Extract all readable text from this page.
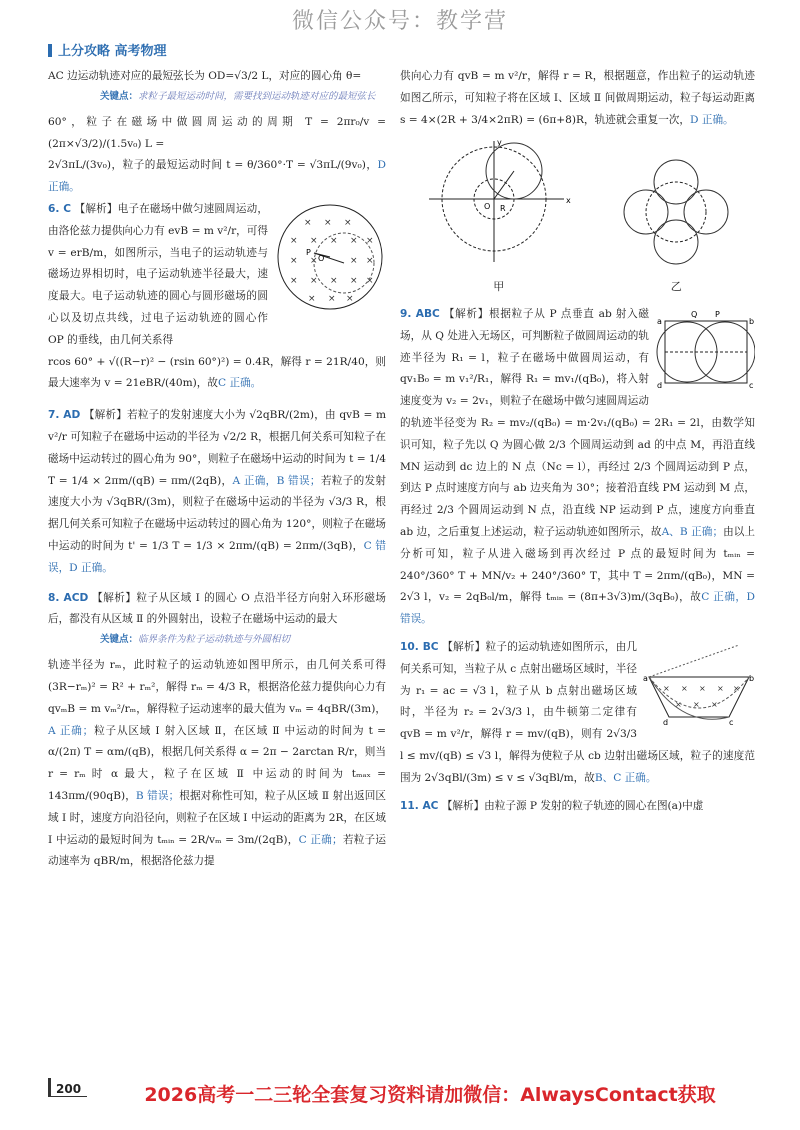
微信公众号：教学营
上分攻略 高考物理

AC 边运动轨迹对应的最短弦长为 OD=√3/2 L，对应的圆心角 θ=

关键点：求粒子最短运动时间，需要找到运动轨迹对应的最短弦长

60°，粒子在磁场中做圆周运动的周期 T = 2πr₀/v = (2π×√3/2)/(1.5v₀) L =

2√3πL/(3v₀)，粒子的最短运动时间 t = θ/360°·T = √3πL/(9v₀)，D 正确。

× × ×
× × × × ×
× ×	× ×
× × × × ×
× × ×
O
P
6. C 【解析】电子在磁场中做匀速圆周运动，由洛伦兹力提供向心力有 evB = m v²/r，可得 v = erB/m，如图所示，当电子的运动轨迹与磁场边界相切时，电子运动轨迹半径最大，速度最大。电子运动轨迹的圆心与圆形磁场的圆心以及切点共线，过电子运动轨迹的圆心作 OP 的垂线，由几何关系得

rcos 60° + √((R−r)² − (rsin 60°)²) = 0.4R，解得 r = 21R/40，则最大速率为 v = 21eBR/(40m)，故C 正确。

7. AD 【解析】若粒子的发射速度大小为 √2qBR/(2m)，由 qvB = m v²/r 可知粒子在磁场中运动的半径为 √2/2 R，根据几何关系可知粒子在磁场中运动转过的圆心角为 90°，则粒子在磁场中运动的时间为 t = 1/4 T = 1/4 × 2πm/(qB) = πm/(2qB)，A 正确，B 错误；若粒子的发射速度大小为 √3qBR/(3m)，则粒子在磁场中运动的半径为 √3/3 R，根据几何关系可知粒子在磁场中运动转过的圆心角为 120°，则粒子在磁场中运动的时间为 t' = 1/3 T = 1/3 × 2πm/(qB) = 2πm/(3qB)，C 错误，D 正确。

8. ACD 【解析】粒子从区域 Ⅰ 的圆心 O 点沿半径方向射入环形磁场后，都没有从区域 Ⅱ 的外圆射出，设粒子在磁场中运动的最大

关键点：临界条件为粒子运动轨迹与外圆相切

轨迹半径为 rₘ，此时粒子的运动轨迹如图甲所示，由几何关系可得 (3R−rₘ)² = R² + rₘ²，解得 rₘ = 4/3 R，根据洛伦兹力提供向心力有 qvₘB = m vₘ²/rₘ，解得粒子运动速率的最大值为 vₘ = 4qBR/(3m)，A 正确；粒子从区域 Ⅰ 射入区域 Ⅱ，在区域 Ⅱ 中运动的时间为 t = α/(2π) T = αm/(qB)，根据几何关系得 α = 2π − 2arctan R/r，则当 r = rₘ 时 α 最大，粒子在区域 Ⅱ 中运动的时间为 tₘₐₓ = 143πm/(90qB)，B 错误；根据对称性可知，粒子从区域 Ⅱ 射出返回区域 Ⅰ 时，速度方向沿径向，则粒子在区域 Ⅰ 中运动的距离为 2R，在区域 Ⅰ 中运动的最短时间为 tₘᵢₙ = 2R/vₘ = 3m/(2qB)，C 正确；若粒子运动速率为 qBR/m，根据洛伦兹力提

供向心力有 qvB = m v²/r，解得 r = R，根据题意，作出粒子的运动轨迹如图乙所示，可知粒子将在区域 Ⅰ、区域 Ⅱ 间做周期运动，粒子每运动距离 s = 4×(2R + 3/4×2πR) = (6π+8)R，轨迹就会重复一次，D 正确。

O R
x
y
甲	乙

a	b
d	c
P
Q
9. ABC 【解析】根据粒子从 P 点垂直 ab 射入磁场，从 Q 处进入无场区，可判断粒子做圆周运动的轨迹半径为 R₁ = l，粒子在磁场中做圆周运动，有 qv₁B₀ = m v₁²/R₁，解得 R₁ = mv₁/(qB₀)，将入射速度变为 v₂ = 2v₁，则粒子在磁场中做匀速圆周运动的轨迹半径变为 R₂ = mv₂/(qB₀) = m·2v₁/(qB₀) = 2R₁ = 2l，由数学知识可知，粒子先以 Q 为圆心做 2/3 个圆周运动到 ad 的中点 M，再沿直线 MN 运动到 dc 边上的 N 点（Nc = l），再经过 2/3 个圆周运动到 P 点，到达 P 点时速度方向与 ab 边夹角为 30°；接着沿直线 PM 运动到 M 点，再经过 2/3 个圆周运动到 N 点，沿直线 NP 运动到 P 点，速度方向垂直 ab 边，之后重复上述运动，粒子运动轨迹如图所示，故A、B 正确；由以上分析可知，粒子从进入磁场到再次经过 P 点的最短时间为 tₘᵢₙ = 240°/360° T + MN/v₂ + 240°/360° T，其中 T = 2πm/(qB₀)，MN = 2√3 l，v₂ = 2qB₀l/m，解得 tₘᵢₙ = (8π+3√3)m/(3qB₀)，故C 正确，D 错误。

× × × × ×
× × ×
a	b
c
d
10. BC 【解析】粒子的运动轨迹如图所示，由几何关系可知，当粒子从 c 点射出磁场区域时，半径为 r₁ = ac = √3 l，粒子从 b 点射出磁场区域时，半径为 r₂ = 2√3/3 l，由牛顿第二定律有 qvB = m v²/r，解得 r = mv/(qB)，则有 2√3/3 l ≤ mv/(qB) ≤ √3 l，解得为使粒子从 cb 边射出磁场区域，粒子的速度范围为 2√3qBl/(3m) ≤ v ≤ √3qBl/m，故B、C 正确。

11. AC 【解析】由粒子源 P 发射的粒子轨迹的圆心在图(a)中虚

200	2026高考一二三轮全套复习资料请加微信：AlwaysContact获取
